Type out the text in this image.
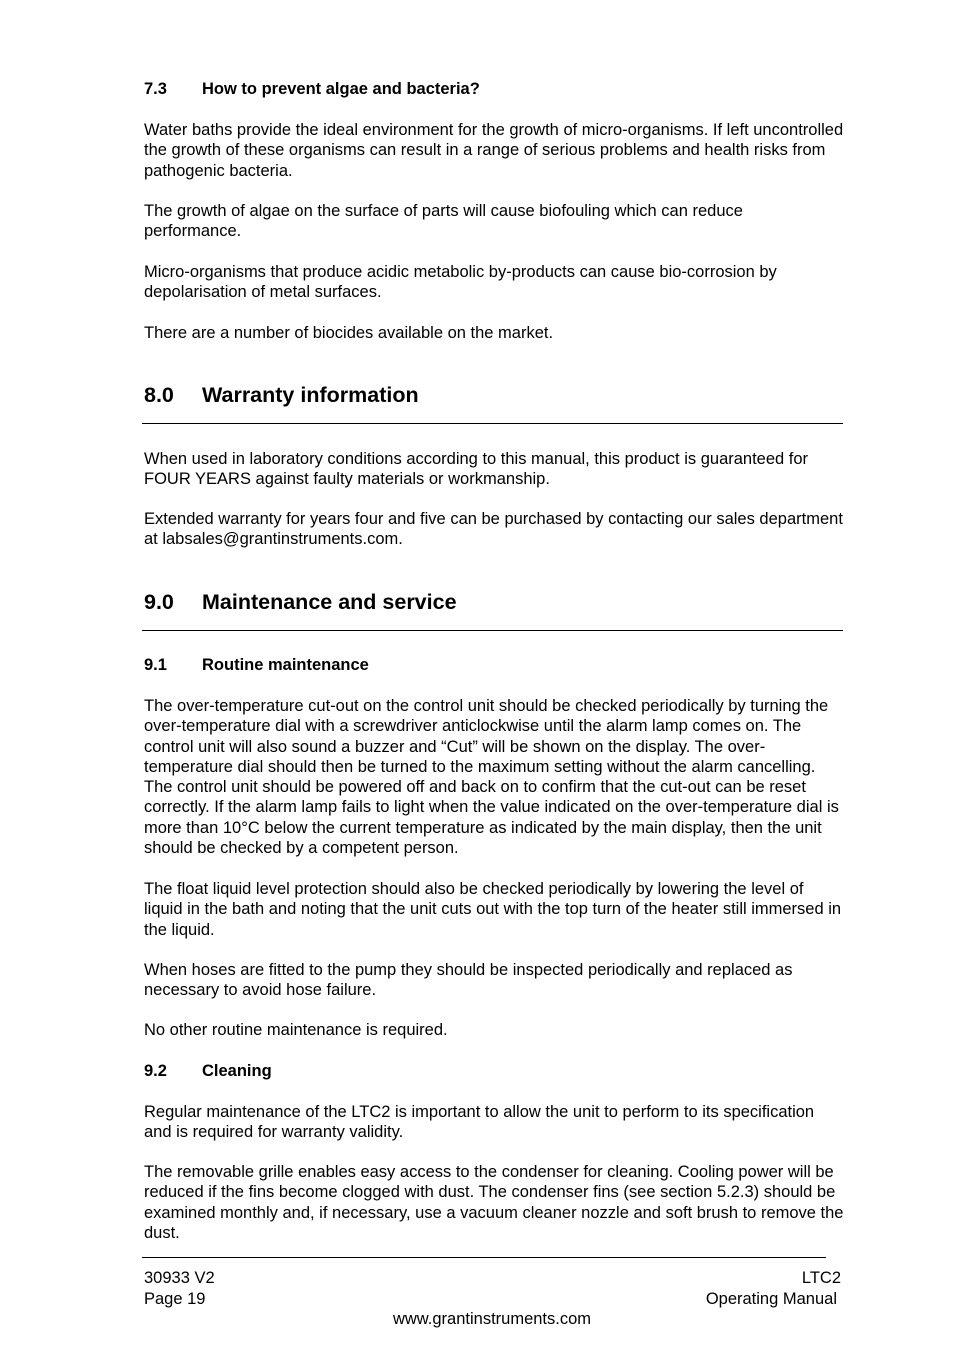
7.3 How to prevent algae and bacteria?

Water baths provide the ideal environment for the growth of micro-organisms. If left uncontrolled the growth of these organisms can result in a range of serious problems and health risks from pathogenic bacteria.

The growth of algae on the surface of parts will cause biofouling which can reduce performance.

Micro-organisms that produce acidic metabolic by-products can cause bio-corrosion by depolarisation of metal surfaces.

There are a number of biocides available on the market.

8.0 Warranty information

When used in laboratory conditions according to this manual, this product is guaranteed for FOUR YEARS against faulty materials or workmanship.

Extended warranty for years four and five can be purchased by contacting our sales department at labsales@grantinstruments.com.

9.0 Maintenance and service

9.1 Routine maintenance

The over-temperature cut-out on the control unit should be checked periodically by turning the over-temperature dial with a screwdriver anticlockwise until the alarm lamp comes on. The control unit will also sound a buzzer and “Cut” will be shown on the display. The over-temperature dial should then be turned to the maximum setting without the alarm cancelling. The control unit should be powered off and back on to confirm that the cut-out can be reset correctly. If the alarm lamp fails to light when the value indicated on the over-temperature dial is more than 10°C below the current temperature as indicated by the main display, then the unit should be checked by a competent person.

The float liquid level protection should also be checked periodically by lowering the level of liquid in the bath and noting that the unit cuts out with the top turn of the heater still immersed in the liquid.

When hoses are fitted to the pump they should be inspected periodically and replaced as necessary to avoid hose failure.

No other routine maintenance is required.

9.2 Cleaning

Regular maintenance of the LTC2 is important to allow the unit to perform to its specification and is required for warranty validity.

The removable grille enables easy access to the condenser for cleaning. Cooling power will be reduced if the fins become clogged with dust. The condenser fins (see section 5.2.3) should be examined monthly and, if necessary, use a vacuum cleaner nozzle and soft brush to remove the dust.

30933 V2

Page 19

LTC2

Operating Manual

www.grantinstruments.com
